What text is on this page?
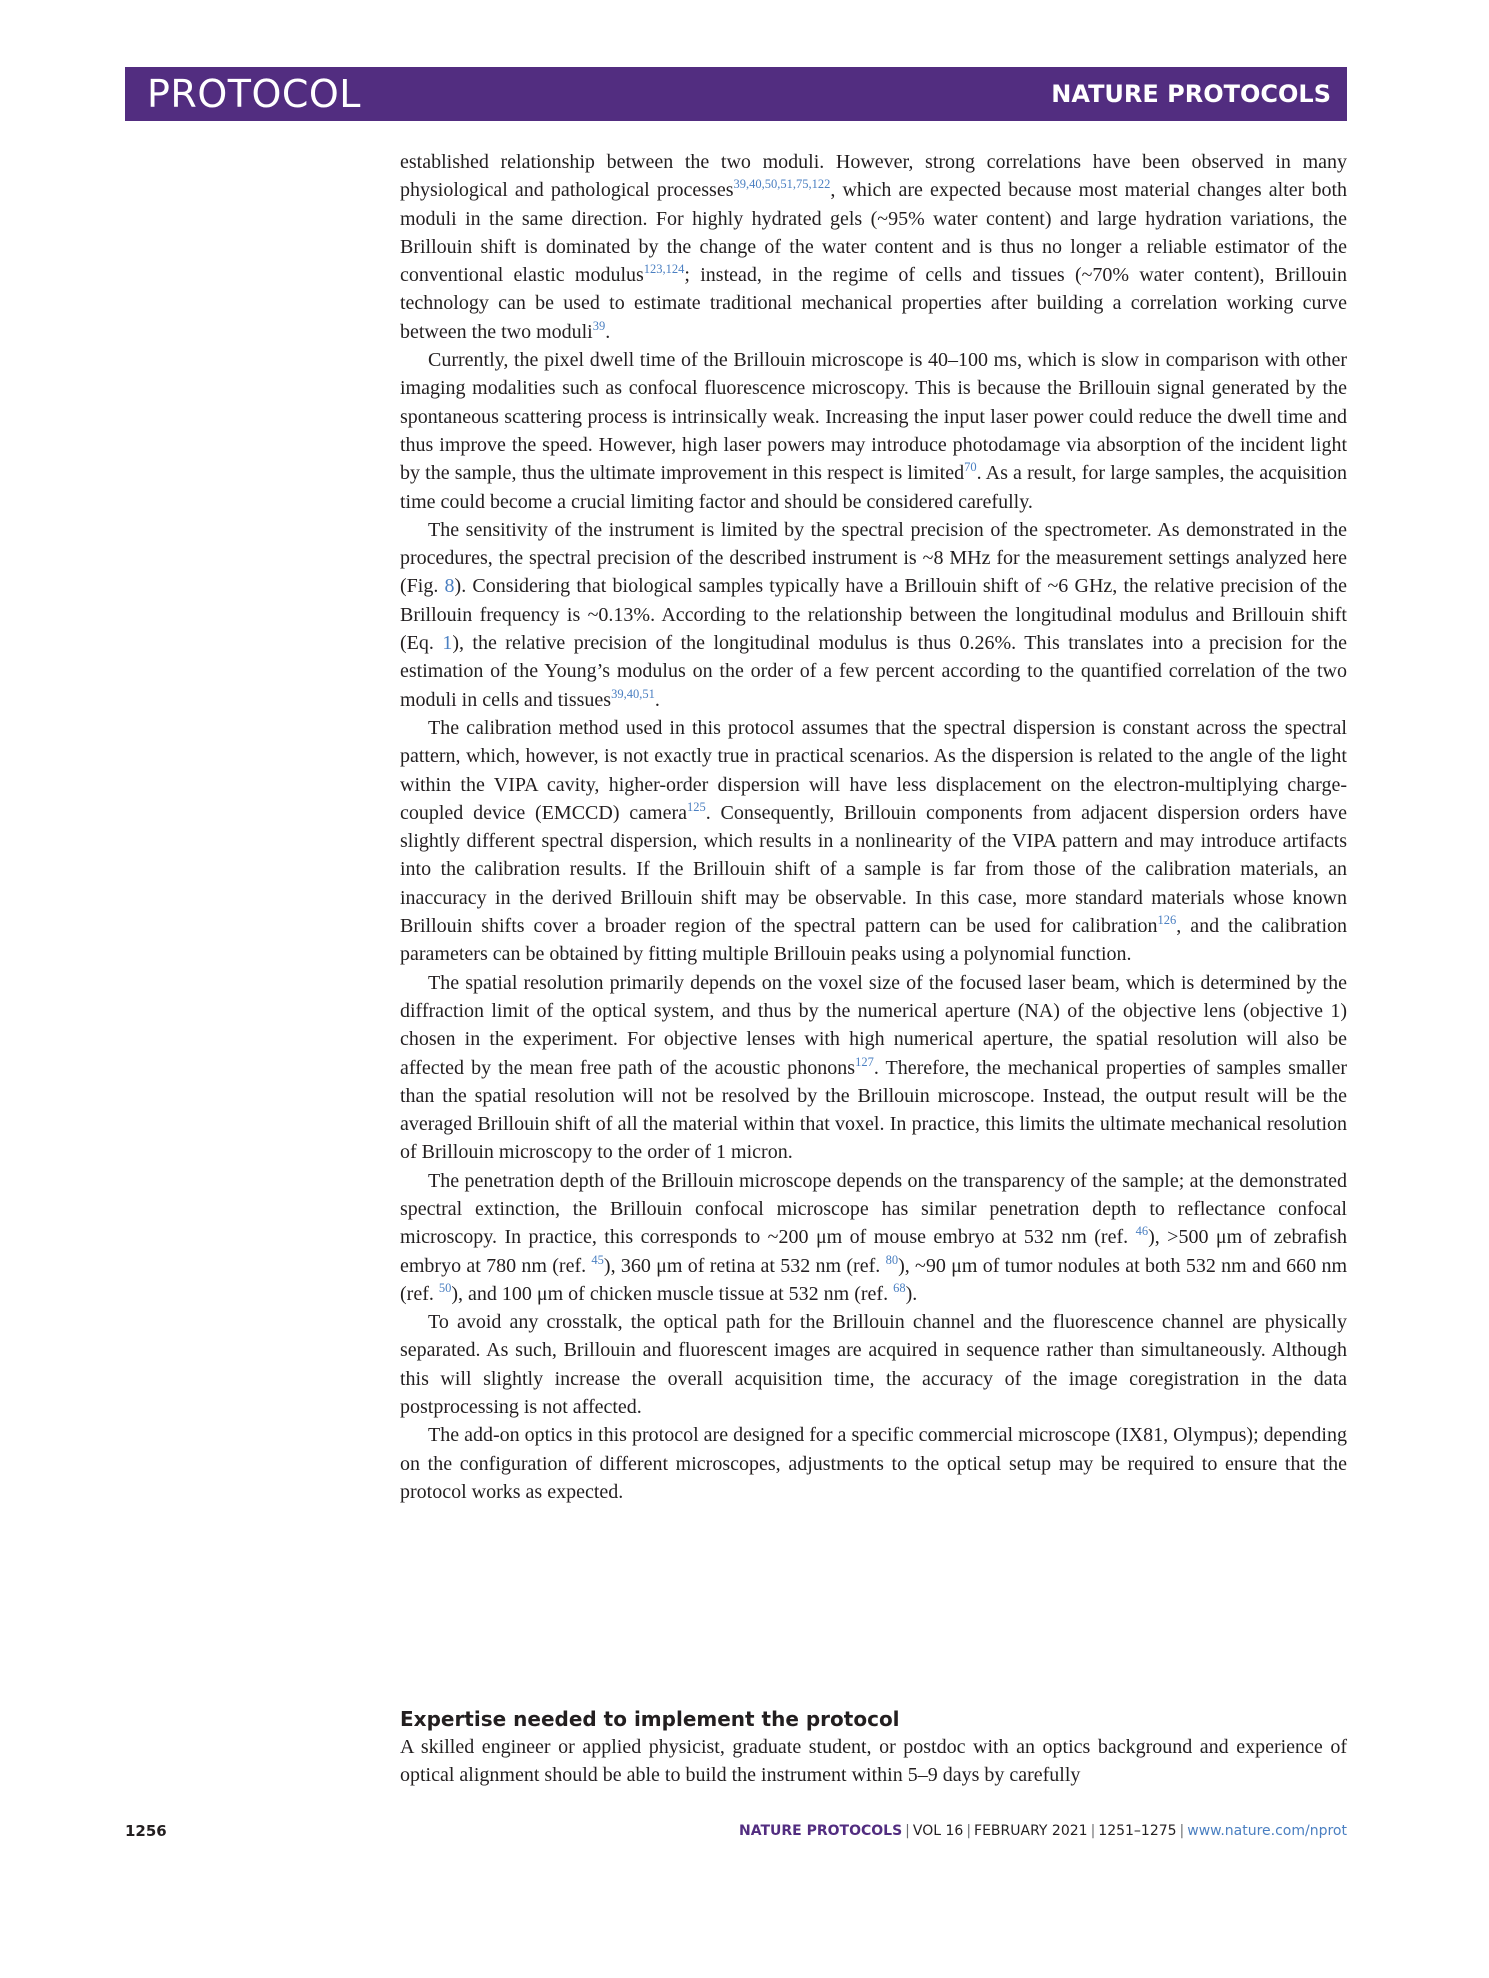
PROTOCOL	NATURE PROTOCOLS

established relationship between the two moduli. However, strong correlations have been observed in many physiological and pathological processes$^{39,40,50,51,75,122}$, which are expected because most material changes alter both moduli in the same direction. For highly hydrated gels (~95% water content) and large hydration variations, the Brillouin shift is dominated by the change of the water content and is thus no longer a reliable estimator of the conventional elastic modulus$^{123,124}$; instead, in the regime of cells and tissues (~70% water content), Brillouin technology can be used to estimate traditional mechanical properties after building a correlation working curve between the two moduli$^{39}$.

Currently, the pixel dwell time of the Brillouin microscope is 40–100 ms, which is slow in comparison with other imaging modalities such as confocal fluorescence microscopy. This is because the Brillouin signal generated by the spontaneous scattering process is intrinsically weak. Increasing the input laser power could reduce the dwell time and thus improve the speed. However, high laser powers may introduce photodamage via absorption of the incident light by the sample, thus the ultimate improvement in this respect is limited$^{70}$. As a result, for large samples, the acquisition time could become a crucial limiting factor and should be considered carefully.

The sensitivity of the instrument is limited by the spectral precision of the spectrometer. As demonstrated in the procedures, the spectral precision of the described instrument is ~8 MHz for the measurement settings analyzed here (Fig. 8). Considering that biological samples typically have a Brillouin shift of ~6 GHz, the relative precision of the Brillouin frequency is ~0.13%. According to the relationship between the longitudinal modulus and Brillouin shift (Eq. 1), the relative precision of the longitudinal modulus is thus 0.26%. This translates into a precision for the estimation of the Young’s modulus on the order of a few percent according to the quantified correlation of the two moduli in cells and tissues$^{39,40,51}$.

The calibration method used in this protocol assumes that the spectral dispersion is constant across the spectral pattern, which, however, is not exactly true in practical scenarios. As the dispersion is related to the angle of the light within the VIPA cavity, higher-order dispersion will have less displacement on the electron-multiplying charge-coupled device (EMCCD) camera$^{125}$. Consequently, Brillouin components from adjacent dispersion orders have slightly different spectral dispersion, which results in a nonlinearity of the VIPA pattern and may introduce artifacts into the calibration results. If the Brillouin shift of a sample is far from those of the calibration materials, an inaccuracy in the derived Brillouin shift may be observable. In this case, more standard materials whose known Brillouin shifts cover a broader region of the spectral pattern can be used for calibration$^{126}$, and the calibration parameters can be obtained by fitting multiple Brillouin peaks using a polynomial function.

The spatial resolution primarily depends on the voxel size of the focused laser beam, which is determined by the diffraction limit of the optical system, and thus by the numerical aperture (NA) of the objective lens (objective 1) chosen in the experiment. For objective lenses with high numerical aperture, the spatial resolution will also be affected by the mean free path of the acoustic phonons$^{127}$. Therefore, the mechanical properties of samples smaller than the spatial resolution will not be resolved by the Brillouin microscope. Instead, the output result will be the averaged Brillouin shift of all the material within that voxel. In practice, this limits the ultimate mechanical resolution of Brillouin microscopy to the order of 1 micron.

The penetration depth of the Brillouin microscope depends on the transparency of the sample; at the demonstrated spectral extinction, the Brillouin confocal microscope has similar penetration depth to reflectance confocal microscopy. In practice, this corresponds to ~200 μm of mouse embryo at 532 nm (ref. $^{46}$), >500 μm of zebrafish embryo at 780 nm (ref. $^{45}$), 360 μm of retina at 532 nm (ref. $^{80}$), ~90 μm of tumor nodules at both 532 nm and 660 nm (ref. $^{50}$), and 100 μm of chicken muscle tissue at 532 nm (ref. $^{68}$).

To avoid any crosstalk, the optical path for the Brillouin channel and the fluorescence channel are physically separated. As such, Brillouin and fluorescent images are acquired in sequence rather than simultaneously. Although this will slightly increase the overall acquisition time, the accuracy of the image coregistration in the data postprocessing is not affected.

The add-on optics in this protocol are designed for a specific commercial microscope (IX81, Olympus); depending on the configuration of different microscopes, adjustments to the optical setup may be required to ensure that the protocol works as expected.

Expertise needed to implement the protocol

A skilled engineer or applied physicist, graduate student, or postdoc with an optics background and experience of optical alignment should be able to build the instrument within 5–9 days by carefully

1256	NATURE PROTOCOLS | VOL 16 | FEBRUARY 2021 | 1251–1275 | www.nature.com/nprot
